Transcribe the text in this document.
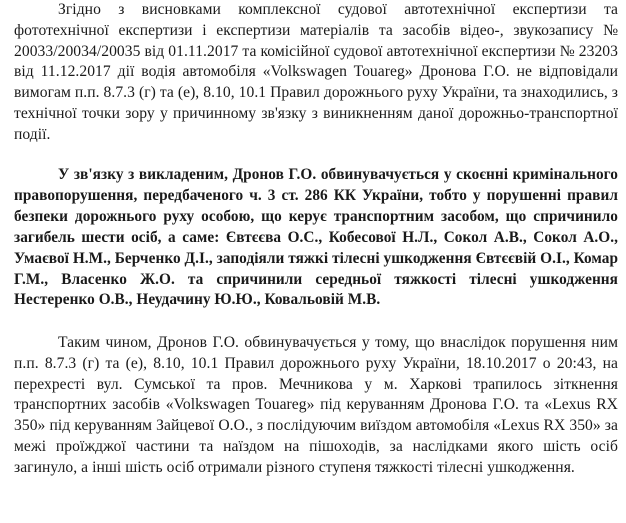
Згідно з висновками комплексної судової автотехнічної експертизи та фототехнічної експертизи і експертизи матеріалів та засобів відео-, звукозапису № 20033/20034/20035 від 01.11.2017 та комісійної судової автотехнічної експертизи № 23203 від 11.12.2017 дії водія автомобіля «Volkswagen Touareg» Дронова Г.О. не відповідали вимогам п.п. 8.7.3 (г) та (е), 8.10, 10.1 Правил дорожнього руху України, та знаходились, з технічної точки зору у причинному зв'язку з виникненням даної дорожньо-транспортної події.

У зв'язку з викладеним, Дронов Г.О. обвинувачується у скоєнні кримінального правопорушення, передбаченого ч. 3 ст. 286 КК України, тобто у порушенні правил безпеки дорожнього руху особою, що керує транспортним засобом, що спричинило загибель шести осіб, а саме: Євтєєва О.С., Кобесової Н.Л., Сокол А.В., Сокол А.О., Умаєвої Н.М., Берченко Д.І., заподіяли тяжкі тілесні ушкодження Євтєєвій О.І., Комар Г.М., Власенко Ж.О. та спричинили середньої тяжкості тілесні ушкодження Нестеренко О.В., Неудачину Ю.Ю., Ковальовій М.В.

Таким чином, Дронов Г.О. обвинувачується у тому, що внаслідок порушення ним п.п. 8.7.3 (г) та (е), 8.10, 10.1 Правил дорожнього руху України, 18.10.2017 о 20:43, на перехресті вул. Сумської та пров. Мечникова у м. Харкові трапилось зіткнення транспортних засобів «Volkswagen Touareg» під керуванням Дронова Г.О. та «Lexus RX 350» під керуванням Зайцевої О.О., з послідуючим виїздом автомобіля «Lexus RX 350» за межі проїжджої частини та наїздом на пішоходів, за наслідками якого шість осіб загинуло, а інші шість осіб отримали різного ступеня тяжкості тілесні ушкодження.
